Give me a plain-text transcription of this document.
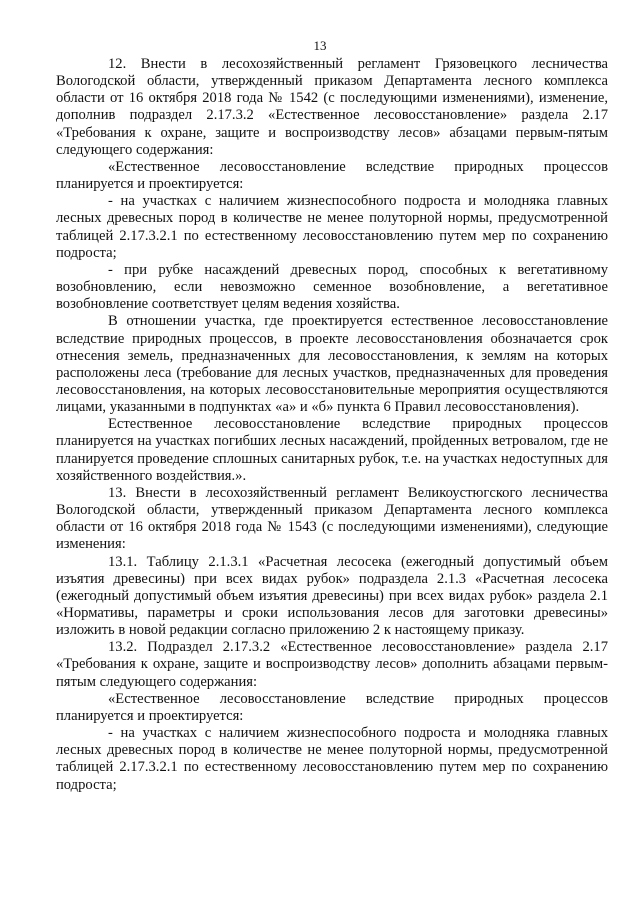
13

12. Внести в лесохозяйственный регламент Грязовецкого лесничества Вологодской области, утвержденный приказом Департамента лесного комплекса области от 16 октября 2018 года № 1542 (с последующими изменениями), изменение, дополнив подраздел 2.17.3.2 «Естественное лесовосстановление» раздела 2.17 «Требования к охране, защите и воспроизводству лесов» абзацами первым-пятым следующего содержания:

«Естественное лесовосстановление вследствие природных процессов планируется и проектируется:

- на участках с наличием жизнеспособного подроста и молодняка главных лесных древесных пород в количестве не менее полуторной нормы, предусмотренной таблицей 2.17.3.2.1 по естественному лесовосстановлению путем мер по сохранению подроста;

- при рубке насаждений древесных пород, способных к вегетативному возобновлению, если невозможно семенное возобновление, а вегетативное возобновление соответствует целям ведения хозяйства.

В отношении участка, где проектируется естественное лесовосстановление вследствие природных процессов, в проекте лесовосстановления обозначается срок отнесения земель, предназначенных для лесовосстановления, к землям на которых расположены леса (требование для лесных участков, предназначенных для проведения лесовосстановления, на которых лесовосстановительные мероприятия осуществляются лицами, указанными в подпунктах «а» и «б» пункта 6 Правил лесовосстановления).

Естественное лесовосстановление вследствие природных процессов планируется на участках погибших лесных насаждений, пройденных ветровалом, где не планируется проведение сплошных санитарных рубок, т.е. на участках недоступных для хозяйственного воздействия.».

13. Внести в лесохозяйственный регламент Великоустюгского лесничества Вологодской области, утвержденный приказом Департамента лесного комплекса области от 16 октября 2018 года № 1543 (с последующими изменениями), следующие изменения:

13.1. Таблицу 2.1.3.1 «Расчетная лесосека (ежегодный допустимый объем изъятия древесины) при всех видах рубок» подраздела 2.1.3 «Расчетная лесосека (ежегодный допустимый объем изъятия древесины) при всех видах рубок» раздела 2.1 «Нормативы, параметры и сроки использования лесов для заготовки древесины» изложить в новой редакции согласно приложению 2 к настоящему приказу.

13.2. Подраздел 2.17.3.2 «Естественное лесовосстановление» раздела 2.17 «Требования к охране, защите и воспроизводству лесов» дополнить абзацами первым-пятым следующего содержания:

«Естественное лесовосстановление вследствие природных процессов планируется и проектируется:

- на участках с наличием жизнеспособного подроста и молодняка главных лесных древесных пород в количестве не менее полуторной нормы, предусмотренной таблицей 2.17.3.2.1 по естественному лесовосстановлению путем мер по сохранению подроста;
